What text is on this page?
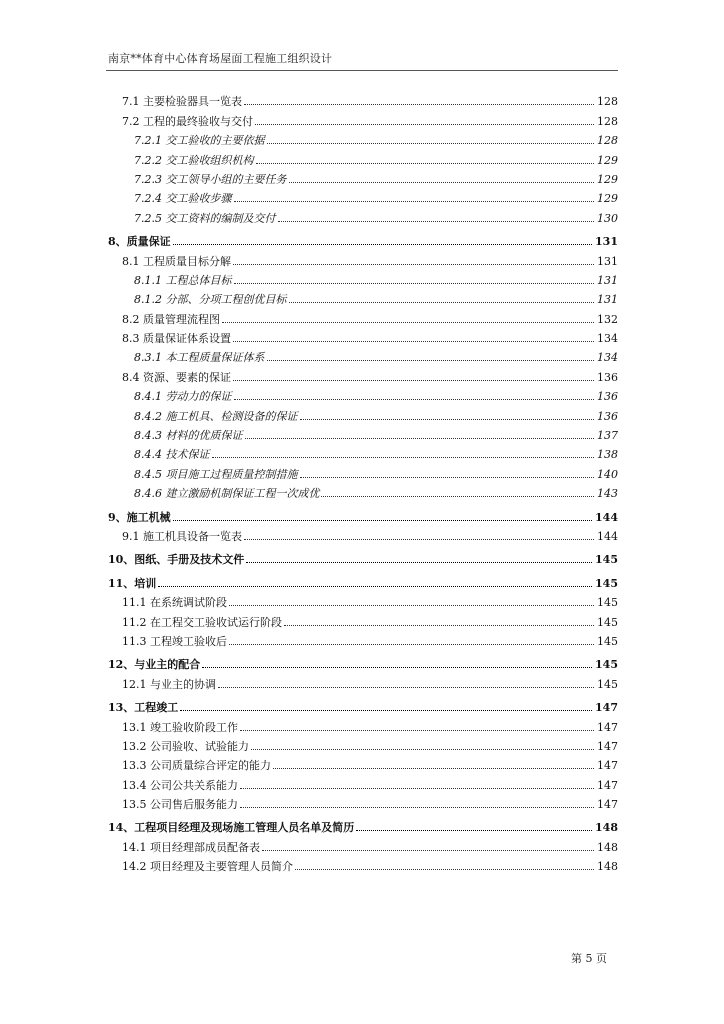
南京**体育中心体育场屋面工程施工组织设计
7.1 主要检验器具一览表	128
7.2 工程的最终验收与交付	128
7.2.1 交工验收的主要依据	128
7.2.2 交工验收组织机构	129
7.2.3 交工领导小组的主要任务	129
7.2.4 交工验收步骤	129
7.2.5 交工资料的编制及交付	130
8、质量保证	131
8.1 工程质量目标分解	131
8.1.1 工程总体目标	131
8.1.2 分部、分项工程创优目标	131
8.2 质量管理流程图	132
8.3 质量保证体系设置	134
8.3.1 本工程质量保证体系	134
8.4 资源、要素的保证	136
8.4.1 劳动力的保证	136
8.4.2 施工机具、检测设备的保证	136
8.4.3 材料的优质保证	137
8.4.4 技术保证	138
8.4.5 项目施工过程质量控制措施	140
8.4.6 建立激励机制保证工程一次成优	143
9、施工机械	144
9.1 施工机具设备一览表	144
10、图纸、手册及技术文件	145
11、培训	145
11.1 在系统调试阶段	145
11.2 在工程交工验收试运行阶段	145
11.3 工程竣工验收后	145
12、与业主的配合	145
12.1 与业主的协调	145
13、工程竣工	147
13.1 竣工验收阶段工作	147
13.2 公司验收、试验能力	147
13.3 公司质量综合评定的能力	147
13.4 公司公共关系能力	147
13.5 公司售后服务能力	147
14、工程项目经理及现场施工管理人员名单及简历	148
14.1 项目经理部成员配备表	148
14.2 项目经理及主要管理人员简介	148
第 5 页
